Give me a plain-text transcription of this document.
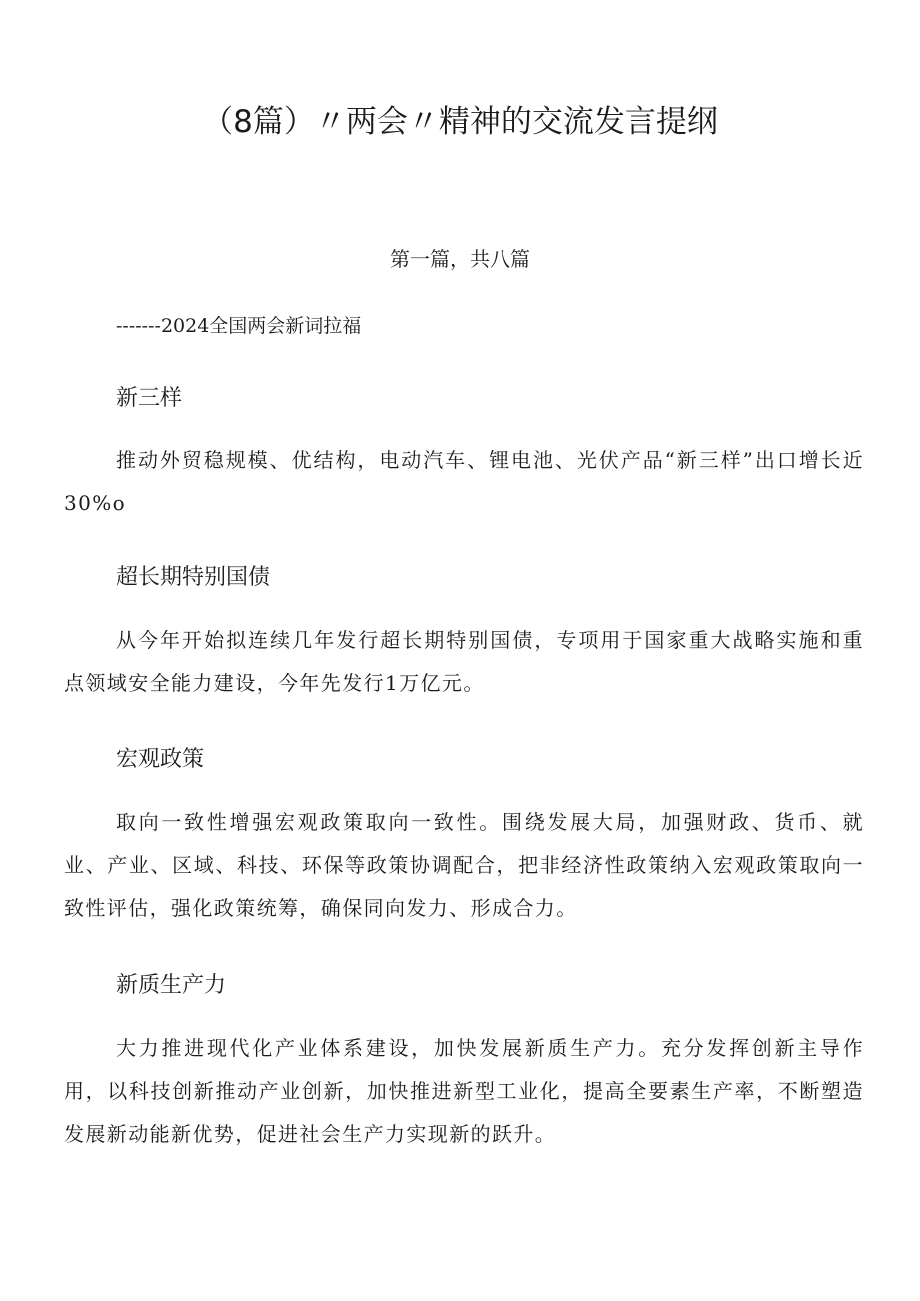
（8篇）〃两会〃精神的交流发言提纲

第一篇，共八篇

-------2024全国两会新词拉福

新三样

推动外贸稳规模、优结构，电动汽车、锂电池、光伏产品“新三样”出口增长近30%o

超长期特别国债

从今年开始拟连续几年发行超长期特别国债，专项用于国家重大战略实施和重点领域安全能力建设，今年先发行1万亿元。

宏观政策

取向一致性增强宏观政策取向一致性。围绕发展大局，加强财政、货币、就业、产业、区域、科技、环保等政策协调配合，把非经济性政策纳入宏观政策取向一致性评估，强化政策统筹，确保同向发力、形成合力。

新质生产力

大力推进现代化产业体系建设，加快发展新质生产力。充分发挥创新主导作用，以科技创新推动产业创新，加快推进新型工业化，提高全要素生产率，不断塑造发展新动能新优势，促进社会生产力实现新的跃升。
